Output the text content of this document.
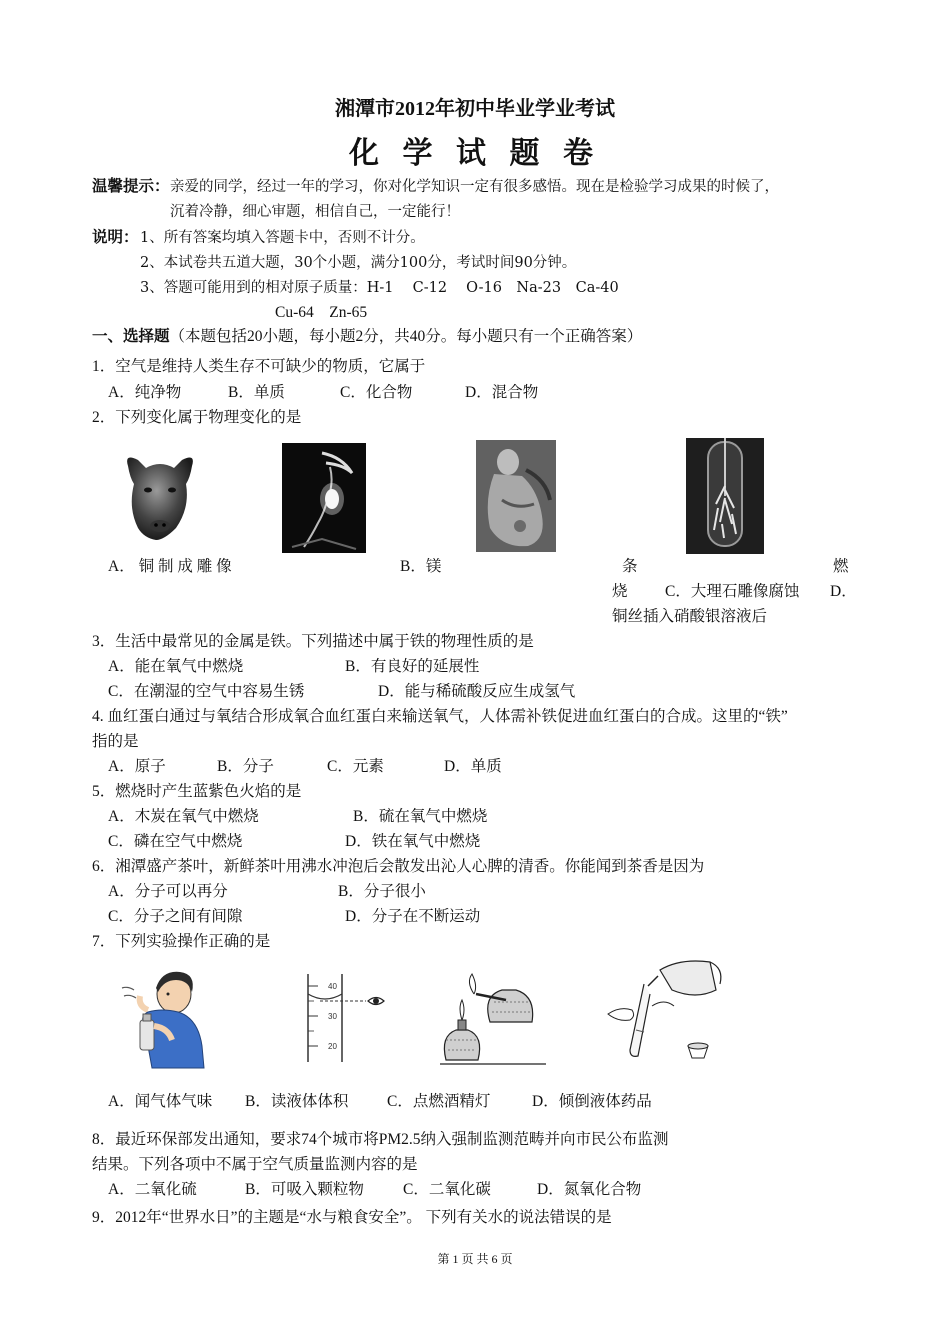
湘潭市2012年初中毕业学业考试
化 学 试 题 卷
温馨提示： 亲爱的同学，经过一年的学习，你对化学知识一定有很多感悟。现在是检验学习成果的时候了，
沉着冷静，细心审题，相信自己，一定能行！
说明： 1、所有答案均填入答题卡中，否则不计分。
2、本试卷共五道大题，30个小题，满分100分，考试时间90分钟。
3、答题可能用到的相对原子质量：H-1　 C-12　 O-16　Na-23　Ca-40
Cu-64　Zn-65
一、选择题（本题包括20小题，每小题2分，共40分。每小题只有一个正确答案）
1．空气是维持人类生存不可缺少的物质，它属于
A．纯净物	B．单质	C．化合物	D．混合物
2．下列变化属于物理变化的是
A． 铜 制 成 雕 像	B．镁	条	燃
烧 C．大理石雕像腐蚀 D．
铜丝插入硝酸银溶液后
3．生活中最常见的金属是铁。下列描述中属于铁的物理性质的是
A．能在氧气中燃烧	B．有良好的延展性
C．在潮湿的空气中容易生锈	D．能与稀硫酸反应生成氢气
4. 血红蛋白通过与氧结合形成氧合血红蛋白来输送氧气，人体需补铁促进血红蛋白的合成。这里的“铁”
指的是
A．原子	B．分子	C．元素	D．单质
5．燃烧时产生蓝紫色火焰的是
A．木炭在氧气中燃烧	B．硫在氧气中燃烧
C．磷在空气中燃烧	D．铁在氧气中燃烧
6．湘潭盛产茶叶，新鲜茶叶用沸水冲泡后会散发出沁人心脾的清香。你能闻到茶香是因为
A．分子可以再分	B．分子很小
C．分子之间有间隙	D．分子在不断运动
7．下列实验操作正确的是
40
30
20
A．闻气体气味 B．读液体体积 C．点燃酒精灯	D．倾倒液体药品
8．最近环保部发出通知，要求74个城市将PM2.5纳入强制监测范畴并向市民公布监测
结果。下列各项中不属于空气质量监测内容的是
A．二氧化硫	B．可吸入颗粒物	C．二氧化碳	D．氮氧化合物
9．2012年“世界水日”的主题是“水与粮食安全”。 下列有关水的说法错误的是
第 1 页 共 6 页
